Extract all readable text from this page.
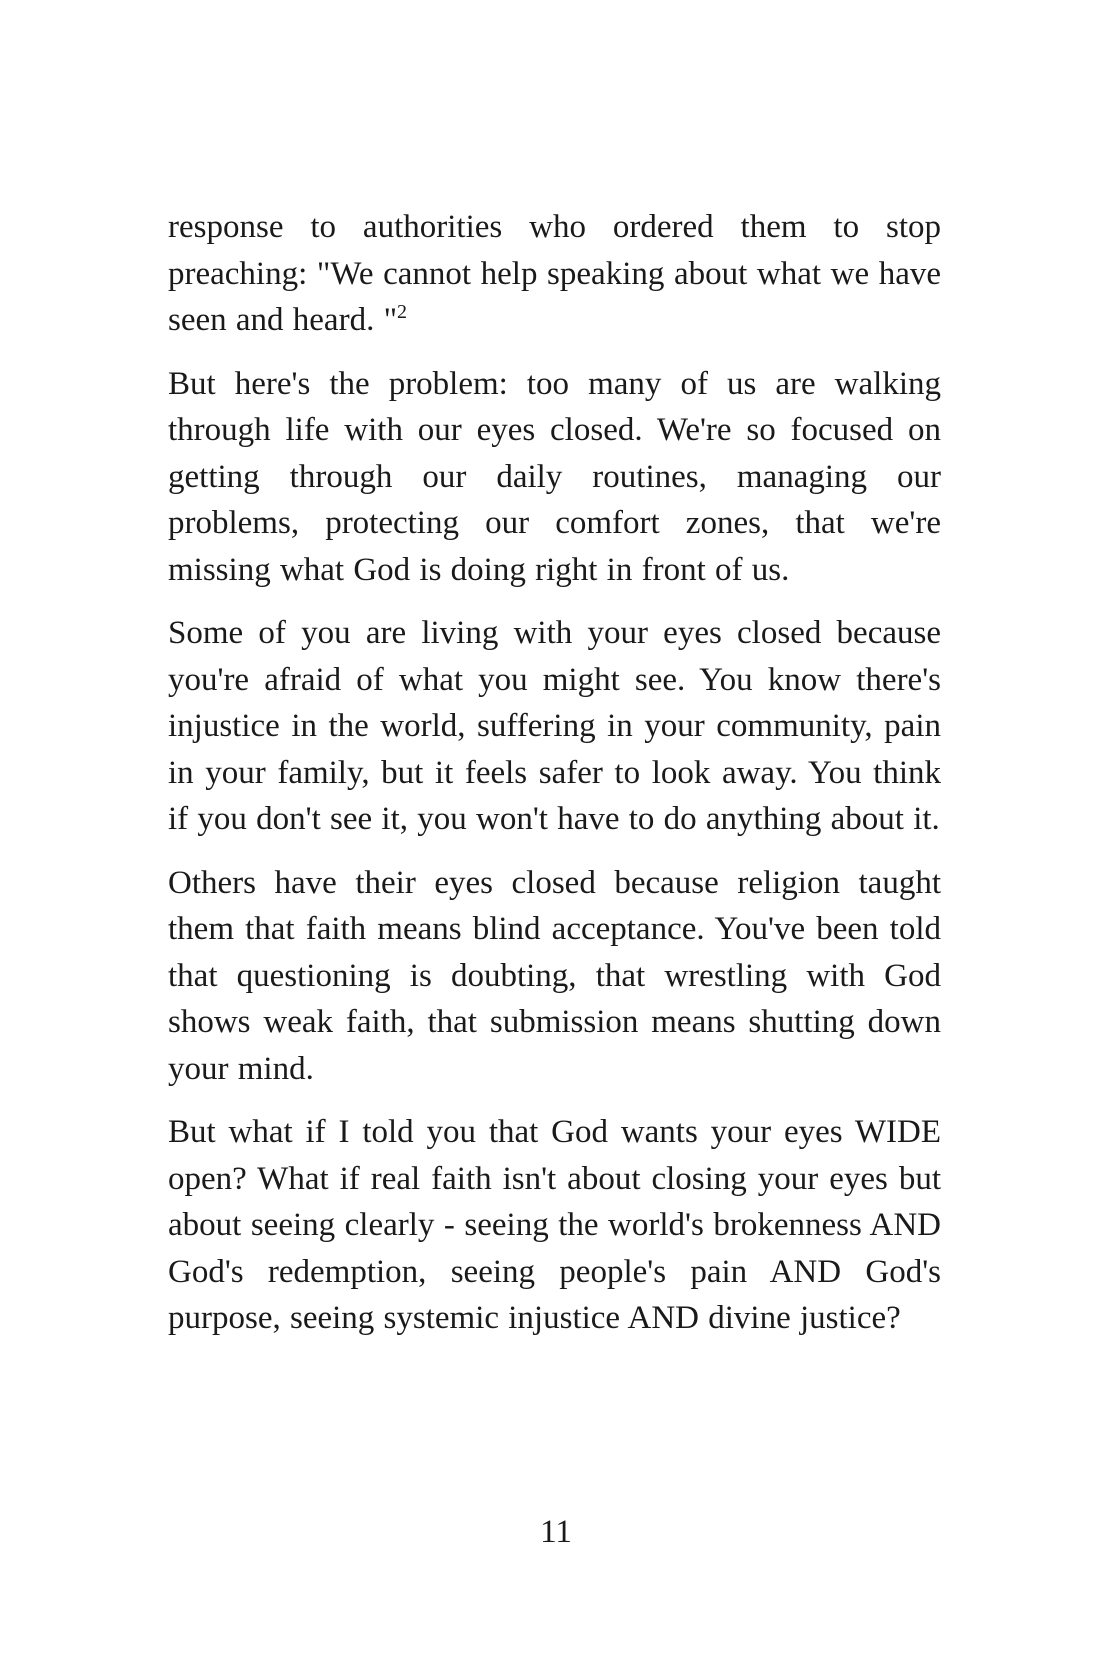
response to authorities who ordered them to stop preaching: "We cannot help speaking about what we have seen and heard. "$^2$

But here's the problem: too many of us are walking through life with our eyes closed. We're so focused on getting through our daily routines, managing our problems, protecting our comfort zones, that we're missing what God is doing right in front of us.

Some of you are living with your eyes closed because you're afraid of what you might see. You know there's injustice in the world, suffering in your community, pain in your family, but it feels safer to look away. You think if you don't see it, you won't have to do anything about it.

Others have their eyes closed because religion taught them that faith means blind acceptance. You've been told that questioning is doubting, that wrestling with God shows weak faith, that submission means shutting down your mind.

But what if I told you that God wants your eyes WIDE open? What if real faith isn't about closing your eyes but about seeing clearly - seeing the world's brokenness AND God's redemption, seeing people's pain AND God's purpose, seeing systemic injustice AND divine justice?

11
